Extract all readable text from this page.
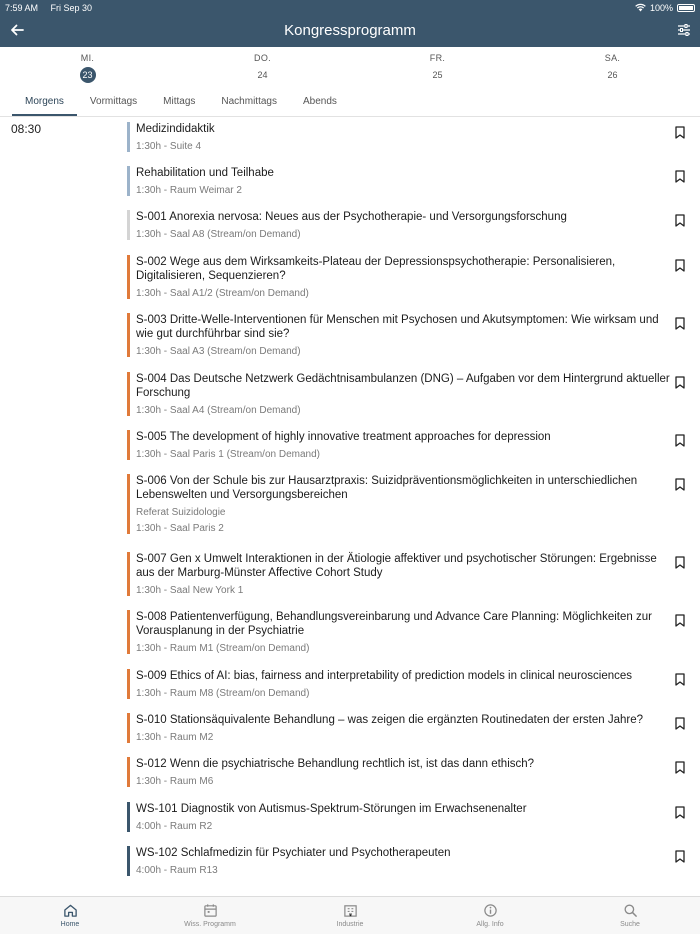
7:59 AM Fri Sep 30	100%
Kongressprogramm
MI.
23
DO.
24
FR.
25
SA.
26
Morgens	Vormittags	Mittags	Nachmittags	Abends
08:30	Medizindidaktik
1:30h - Suite 4
Rehabilitation und Teilhabe
1:30h - Raum Weimar 2
S-001 Anorexia nervosa: Neues aus der Psychotherapie- und Versorgungsforschung
1:30h - Saal A8 (Stream/on Demand)
S-002 Wege aus dem Wirksamkeits-Plateau der Depressionspsychotherapie: Personalisieren, Digitalisieren, Sequenzieren?
1:30h - Saal A1/2 (Stream/on Demand)
S-003 Dritte-Welle-Interventionen für Menschen mit Psychosen und Akutsymptomen: Wie wirksam und wie gut durchführbar sind sie?
1:30h - Saal A3 (Stream/on Demand)
S-004 Das Deutsche Netzwerk Gedächtnisambulanzen (DNG) – Aufgaben vor dem Hintergrund aktueller Forschung
1:30h - Saal A4 (Stream/on Demand)
S-005 The development of highly innovative treatment approaches for depression
1:30h - Saal Paris 1 (Stream/on Demand)
S-006 Von der Schule bis zur Hausarztpraxis: Suizidpräventionsmöglichkeiten in unterschiedlichen Lebenswelten und Versorgungsbereichen
Referat Suizidologie
1:30h - Saal Paris 2
S-007 Gen x Umwelt Interaktionen in der Ätiologie affektiver und psychotischer Störungen: Ergebnisse aus der Marburg-Münster Affective Cohort Study
1:30h - Saal New York 1
S-008 Patientenverfügung, Behandlungsvereinbarung und Advance Care Planning: Möglichkeiten zur Vorausplanung in der Psychiatrie
1:30h - Raum M1 (Stream/on Demand)
S-009 Ethics of AI: bias, fairness and interpretability of prediction models in clinical neurosciences
1:30h - Raum M8 (Stream/on Demand)
S-010 Stationsäquivalente Behandlung – was zeigen die ergänzten Routinedaten der ersten Jahre?
1:30h - Raum M2
S-012 Wenn die psychiatrische Behandlung rechtlich ist, ist das dann ethisch?
1:30h - Raum M6
WS-101 Diagnostik von Autismus-Spektrum-Störungen im Erwachsenenalter
4:00h - Raum R2
WS-102 Schlafmedizin für Psychiater und Psychotherapeuten
4:00h - Raum R13
Home	Wiss. Programm	Industrie	Allg. Info	Suche
